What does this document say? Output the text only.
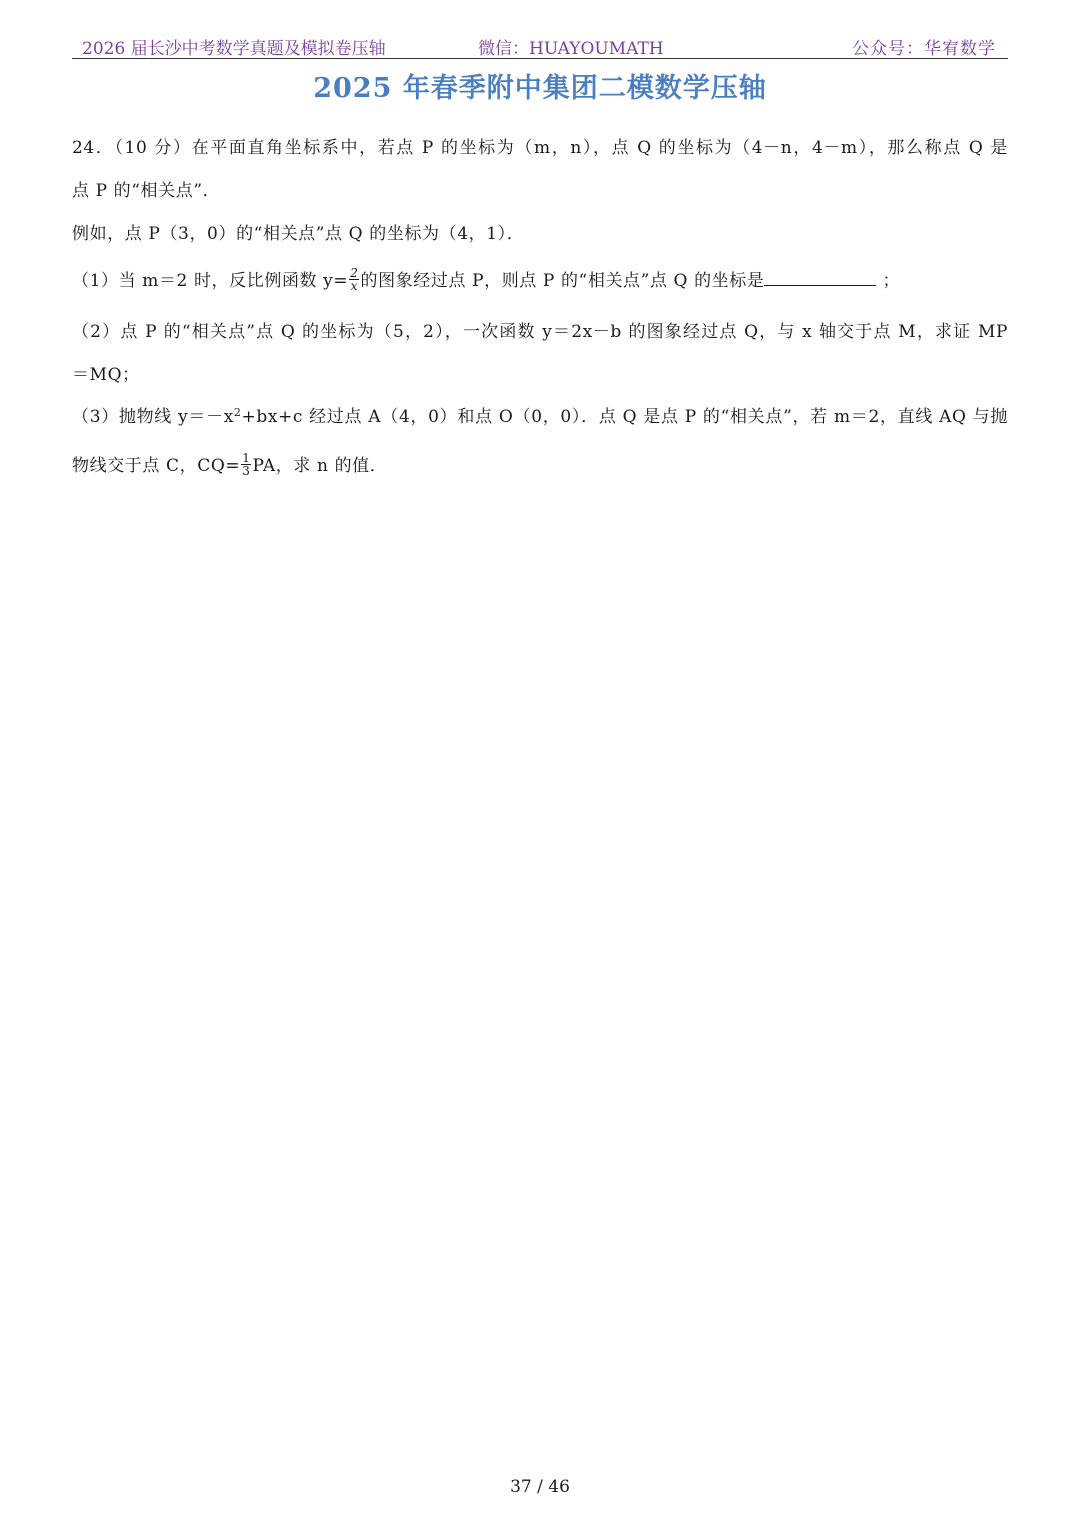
2026 届长沙中考数学真题及模拟卷压轴	微信：HUAYOUMATH	公众号：华宥数学
2025 年春季附中集团二模数学压轴
24．（10 分）在平面直角坐标系中，若点 P 的坐标为（m，n），点 Q 的坐标为（4－n，4－m），那么称点 Q 是
点 P 的“相关点”．
例如，点 P（3，0）的“相关点”点 Q 的坐标为（4，1）．
（1）当 m＝2 时，反比例函数 $y= \frac{2}{x}$ 的图象经过点 P，则点 P 的“相关点”点 Q 的坐标是	；
（2）点 P 的“相关点”点 Q 的坐标为（5，2），一次函数 y＝2x－b 的图象经过点 Q，与 x 轴交于点 M，求证 MP
＝MQ；
（3）抛物线 $y=-x^2+bx+c$ 经过点 A（4，0）和点 O（0，0）．点 Q 是点 P 的“相关点”，若 m＝2，直线 AQ 与抛
物线交于点 C，$CQ= \frac{1}{3}$ PA，求 n 的值．
37 / 46
